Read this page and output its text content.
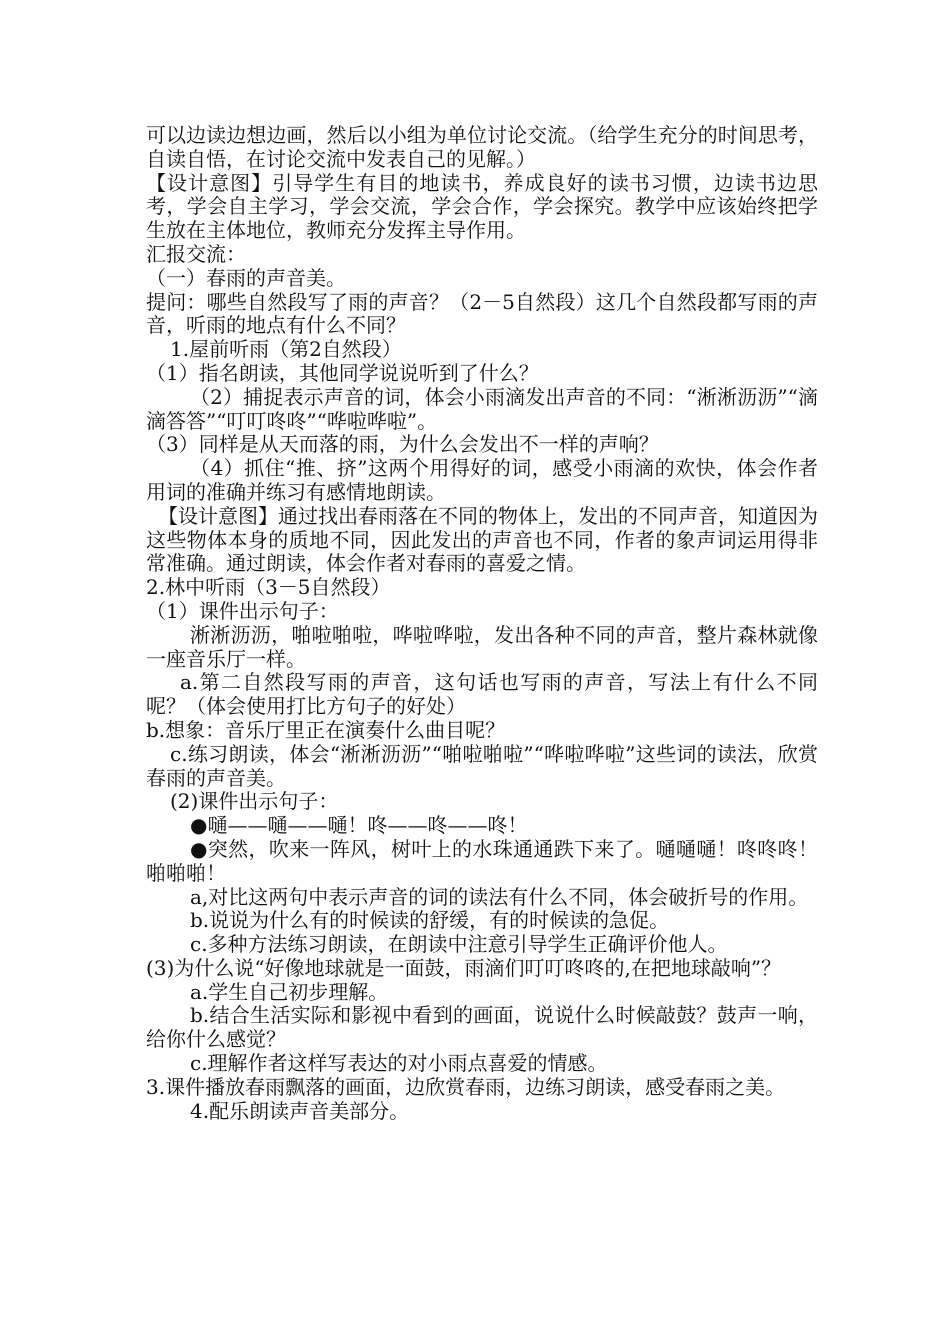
可以边读边想边画，然后以小组为单位讨论交流。（给学生充分的时间思考，自读自悟，在讨论交流中发表自己的见解。）

【设计意图】引导学生有目的地读书，养成良好的读书习惯，边读书边思考，学会自主学习，学会交流，学会合作，学会探究。教学中应该始终把学生放在主体地位，教师充分发挥主导作用。

汇报交流：

（一）春雨的声音美。

提问：哪些自然段写了雨的声音？（2－5自然段）这几个自然段都写雨的声音，听雨的地点有什么不同？

1.屋前听雨（第2自然段）

（1）指名朗读，其他同学说说听到了什么？

（2）捕捉表示声音的词，体会小雨滴发出声音的不同：“淅淅沥沥”“滴滴答答”“叮叮咚咚”“哗啦哗啦”。

（3）同样是从天而落的雨，为什么会发出不一样的声响？

（4）抓住“推、挤”这两个用得好的词，感受小雨滴的欢快，体会作者用词的准确并练习有感情地朗读。

【设计意图】通过找出春雨落在不同的物体上，发出的不同声音，知道因为这些物体本身的质地不同，因此发出的声音也不同，作者的象声词运用得非常准确。通过朗读，体会作者对春雨的喜爱之情。

2.林中听雨（3－5自然段）

（1）课件出示句子：

淅淅沥沥，啪啦啪啦，哗啦哗啦，发出各种不同的声音，整片森林就像一座音乐厅一样。

a.第二自然段写雨的声音，这句话也写雨的声音，写法上有什么不同呢？（体会使用打比方句子的好处）

b.想象：音乐厅里正在演奏什么曲目呢？

c.练习朗读，体会“淅淅沥沥”“啪啦啪啦”“哗啦哗啦”这些词的读法，欣赏春雨的声音美。

(2)课件出示句子：

●嗵——嗵——嗵！咚——咚——咚！

●突然，吹来一阵风，树叶上的水珠通通跌下来了。嗵嗵嗵！咚咚咚！啪啪啪！

a,对比这两句中表示声音的词的读法有什么不同，体会破折号的作用。

b.说说为什么有的时候读的舒缓，有的时候读的急促。

c.多种方法练习朗读，在朗读中注意引导学生正确评价他人。

(3)为什么说“好像地球就是一面鼓，雨滴们叮叮咚咚的,在把地球敲响”？

a.学生自己初步理解。

b.结合生活实际和影视中看到的画面，说说什么时候敲鼓？鼓声一响，给你什么感觉？

c.理解作者这样写表达的对小雨点喜爱的情感。

3.课件播放春雨飘落的画面，边欣赏春雨，边练习朗读，感受春雨之美。

4.配乐朗读声音美部分。
